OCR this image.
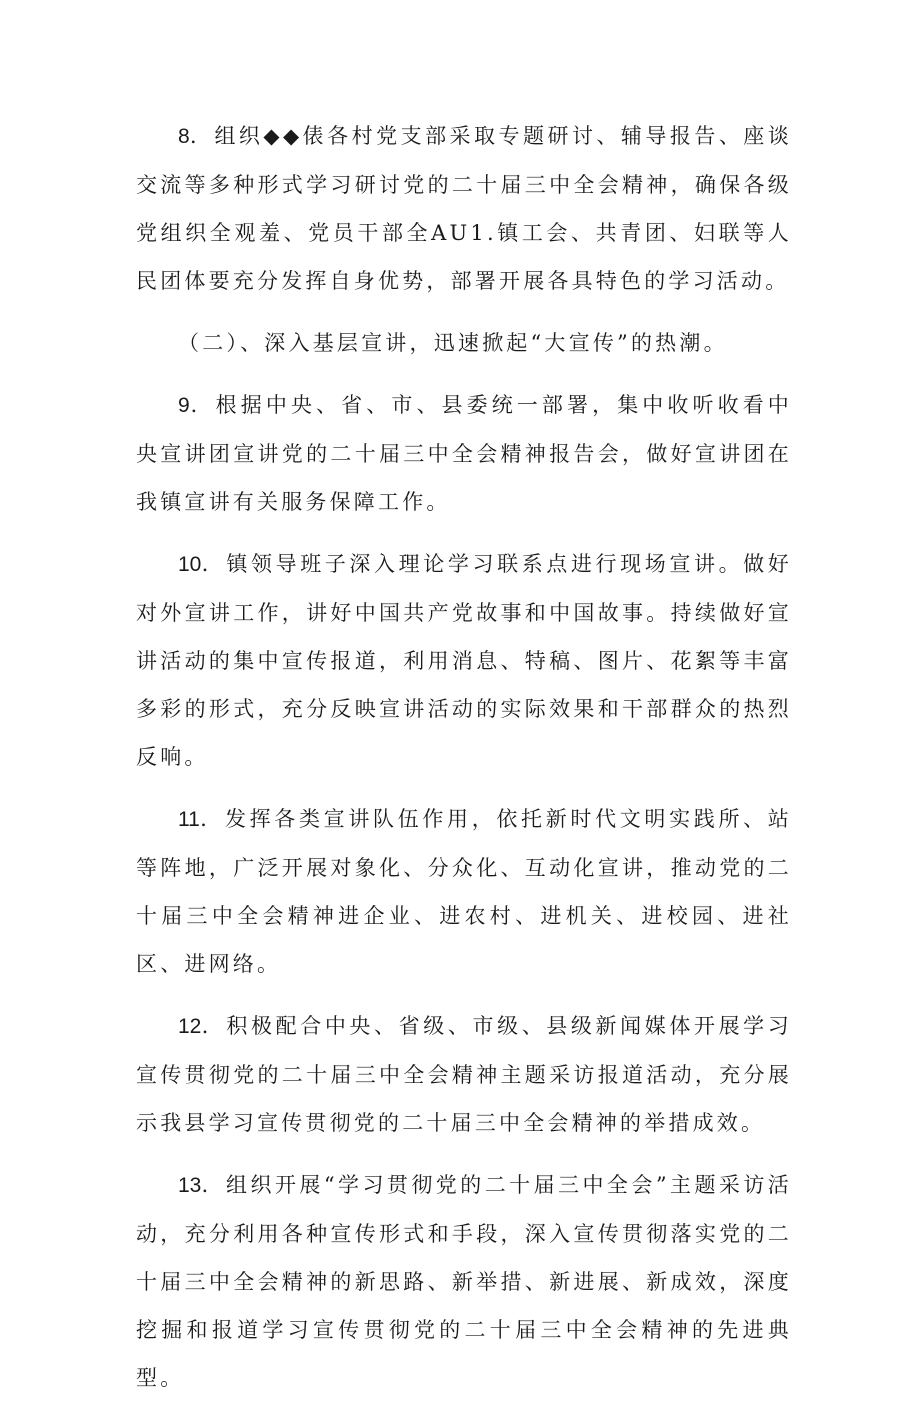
8．组织◆◆俵各村党支部采取专题研讨、辅导报告、座谈交流等多种形式学习研讨党的二十届三中全会精神，确保各级党组织全观羞、党员干部全AU1.镇工会、共青团、妇联等人民团体要充分发挥自身优势，部署开展各具特色的学习活动。

（二）、深入基层宣讲，迅速掀起“大宣传”的热潮。

9．根据中央、省、市、县委统一部署，集中收听收看中央宣讲团宣讲党的二十届三中全会精神报告会，做好宣讲团在我镇宣讲有关服务保障工作。

10．镇领导班子深入理论学习联系点进行现场宣讲。做好对外宣讲工作，讲好中国共产党故事和中国故事。持续做好宣讲活动的集中宣传报道，利用消息、特稿、图片、花絮等丰富多彩的形式，充分反映宣讲活动的实际效果和干部群众的热烈反响。

11．发挥各类宣讲队伍作用，依托新时代文明实践所、站等阵地，广泛开展对象化、分众化、互动化宣讲，推动党的二十届三中全会精神进企业、进农村、进机关、进校园、进社区、进网络。

12．积极配合中央、省级、市级、县级新闻媒体开展学习宣传贯彻党的二十届三中全会精神主题采访报道活动，充分展示我县学习宣传贯彻党的二十届三中全会精神的举措成效。

13．组织开展“学习贯彻党的二十届三中全会”主题采访活动，充分利用各种宣传形式和手段，深入宣传贯彻落实党的二十届三中全会精神的新思路、新举措、新进展、新成效，深度挖掘和报道学习宣传贯彻党的二十届三中全会精神的先进典型。
